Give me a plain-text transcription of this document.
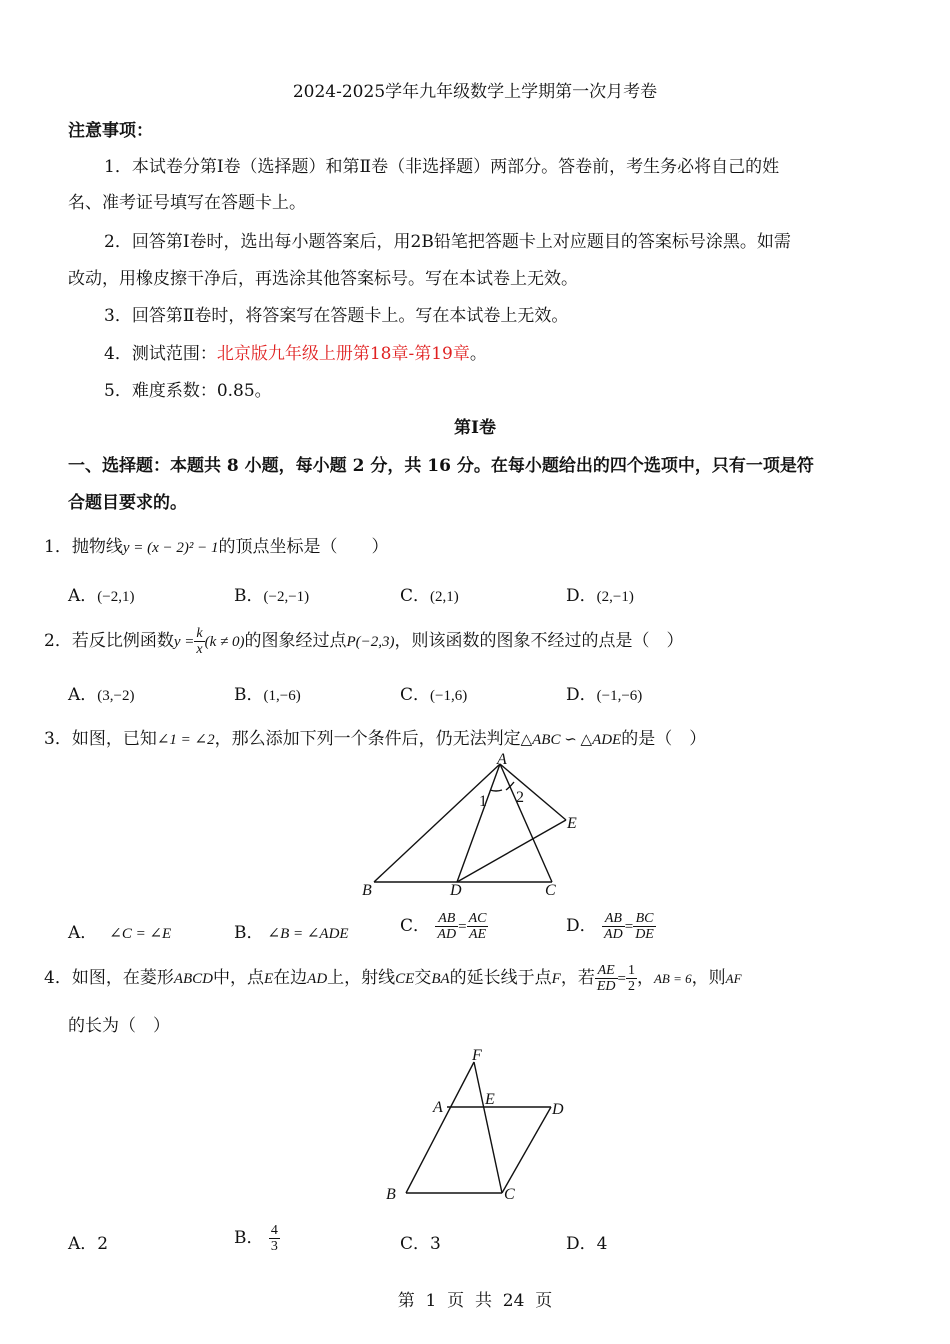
2024-2025学年九年级数学上学期第一次月考卷
注意事项：
1．本试卷分第Ⅰ卷（选择题）和第Ⅱ卷（非选择题）两部分。答卷前，考生务必将自己的姓
名、准考证号填写在答题卡上。
2．回答第Ⅰ卷时，选出每小题答案后，用2B铅笔把答题卡上对应题目的答案标号涂黑。如需
改动，用橡皮擦干净后，再选涂其他答案标号。写在本试卷上无效。
3．回答第Ⅱ卷时，将答案写在答题卡上。写在本试卷上无效。
4．测试范围：北京版九年级上册第18章-第19章。
5．难度系数：0.85。
第Ⅰ卷
一、选择题：本题共 8 小题，每小题 2 分，共 16 分。在每小题给出的四个选项中，只有一项是符
合题目要求的。
1．抛物线y = (x − 2)² − 1的顶点坐标是（　　）
A．(−2,1)	B．(−2,−1)	C．(2,1)	D．(2,−1)
2．若反比例函数$y = \frac{k}{x} (k \ne 0)$的图象经过点P(−2,3)，则该函数的图象不经过的点是（　）
A．(3,−2)	B．(1,−6)	C．(−1,6)	D．(−1,−6)
3．如图，已知∠1 = ∠2，那么添加下列一个条件后，仍无法判定△ABC ∽ △ADE的是（　）
A
B	D	C
E
1 2
A． ∠C = ∠E	B． ∠B = ∠ADE	C． $\frac{AB}{AD} = \frac{AC}{AE}$	D． $\frac{AB}{AD} = \frac{BC}{DE}$
4．如图，在菱形ABCD中，点E在边AD上，射线CE交BA的延长线于点F，若 $\frac{AE}{ED} = \frac{1}{2}$ ，AB = 6，则AF
的长为（　）
F
A	E
D
B	C
A．2	B． $\frac{4}{3}$	C．3	D．4
第  1  页  共  24  页
